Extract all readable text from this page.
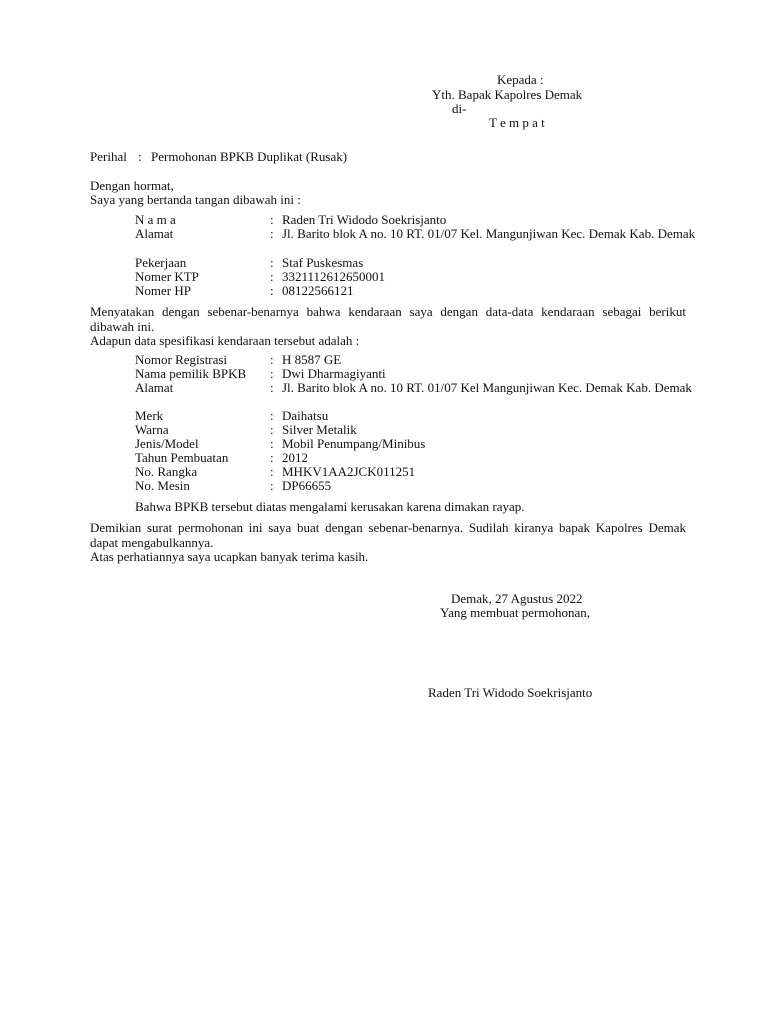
Kepada :
Yth. Bapak Kapolres Demak
di-
T e m p a t
Perihal : Permohonan BPKB Duplikat (Rusak)
Dengan hormat,
Saya yang bertanda tangan dibawah ini :
N a m a	: Raden Tri Widodo Soekrisjanto
Alamat	: Jl. Barito blok A no. 10 RT. 01/07 Kel. Mangunjiwan Kec. Demak Kab. Demak
Pekerjaan	: Staf Puskesmas
Nomer KTP	: 3321112612650001
Nomer HP	: 08122566121
Menyatakan dengan sebenar-benarnya bahwa kendaraan saya dengan data-data kendaraan sebagai berikut dibawah ini.
Adapun data spesifikasi kendaraan tersebut adalah :
Nomor Registrasi	: H 8587 GE
Nama pemilik BPKB : Dwi Dharmagiyanti
Alamat	: Jl. Barito blok A no. 10 RT. 01/07 Kel Mangunjiwan Kec. Demak Kab. Demak
Merk	: Daihatsu
Warna	: Silver Metalik
Jenis/Model	: Mobil Penumpang/Minibus
Tahun Pembuatan	: 2012
No. Rangka	: MHKV1AA2JCK011251
No. Mesin	: DP66655
Bahwa BPKB tersebut diatas mengalami kerusakan karena dimakan rayap.
Demikian surat permohonan ini saya buat dengan sebenar-benarnya. Sudilah kiranya bapak Kapolres Demak dapat mengabulkannya.
Atas perhatiannya saya ucapkan banyak terima kasih.
Demak, 27 Agustus 2022
Yang membuat permohonan,
Raden Tri Widodo Soekrisjanto
